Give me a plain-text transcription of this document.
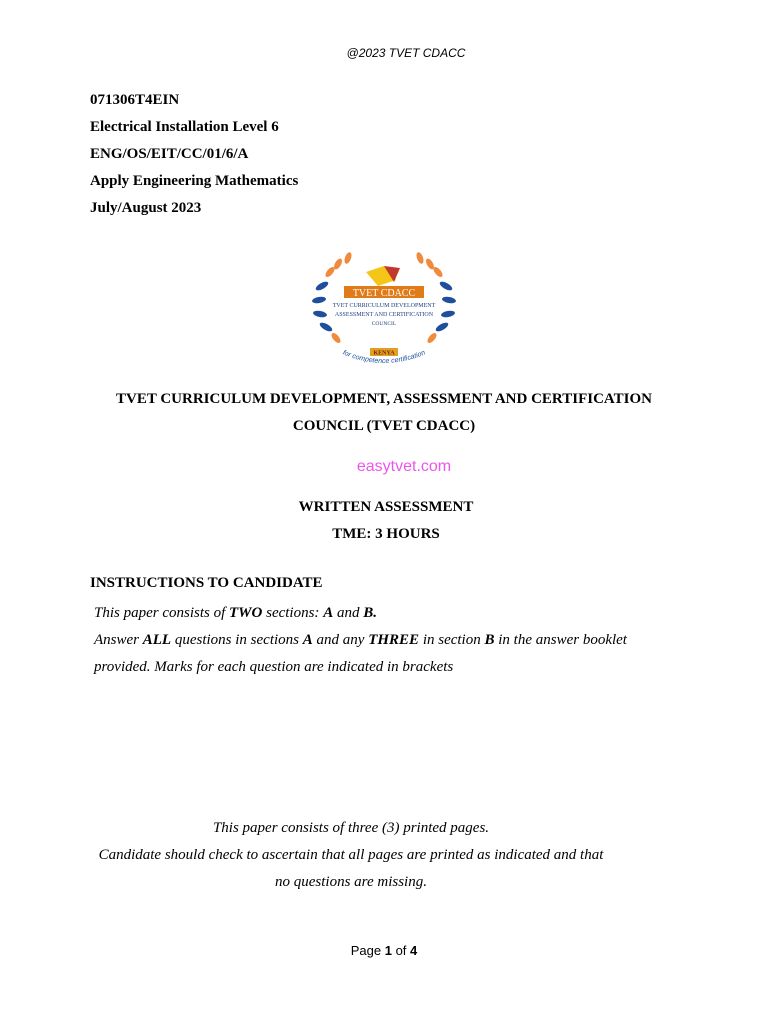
@2023 TVET CDACC
071306T4EIN
Electrical Installation Level 6
ENG/OS/EIT/CC/01/6/A
Apply Engineering Mathematics
July/August 2023
TVET CDACC
TVET CURRICULUM DEVELOPMENT
ASSESSMENT AND CERTIFICATION
COUNCIL
KENYA
for competence certification
TVET CURRICULUM DEVELOPMENT, ASSESSMENT AND CERTIFICATION
COUNCIL (TVET CDACC)
easytvet.com
WRITTEN ASSESSMENT
TME: 3 HOURS
INSTRUCTIONS TO CANDIDATE
This paper consists of TWO sections: A and B.
Answer ALL questions in sections A and any THREE in section B in the answer booklet
provided. Marks for each question are indicated in brackets
This paper consists of three (3) printed pages.
Candidate should check to ascertain that all pages are printed as indicated and that
no questions are missing.
Page 1 of 4
